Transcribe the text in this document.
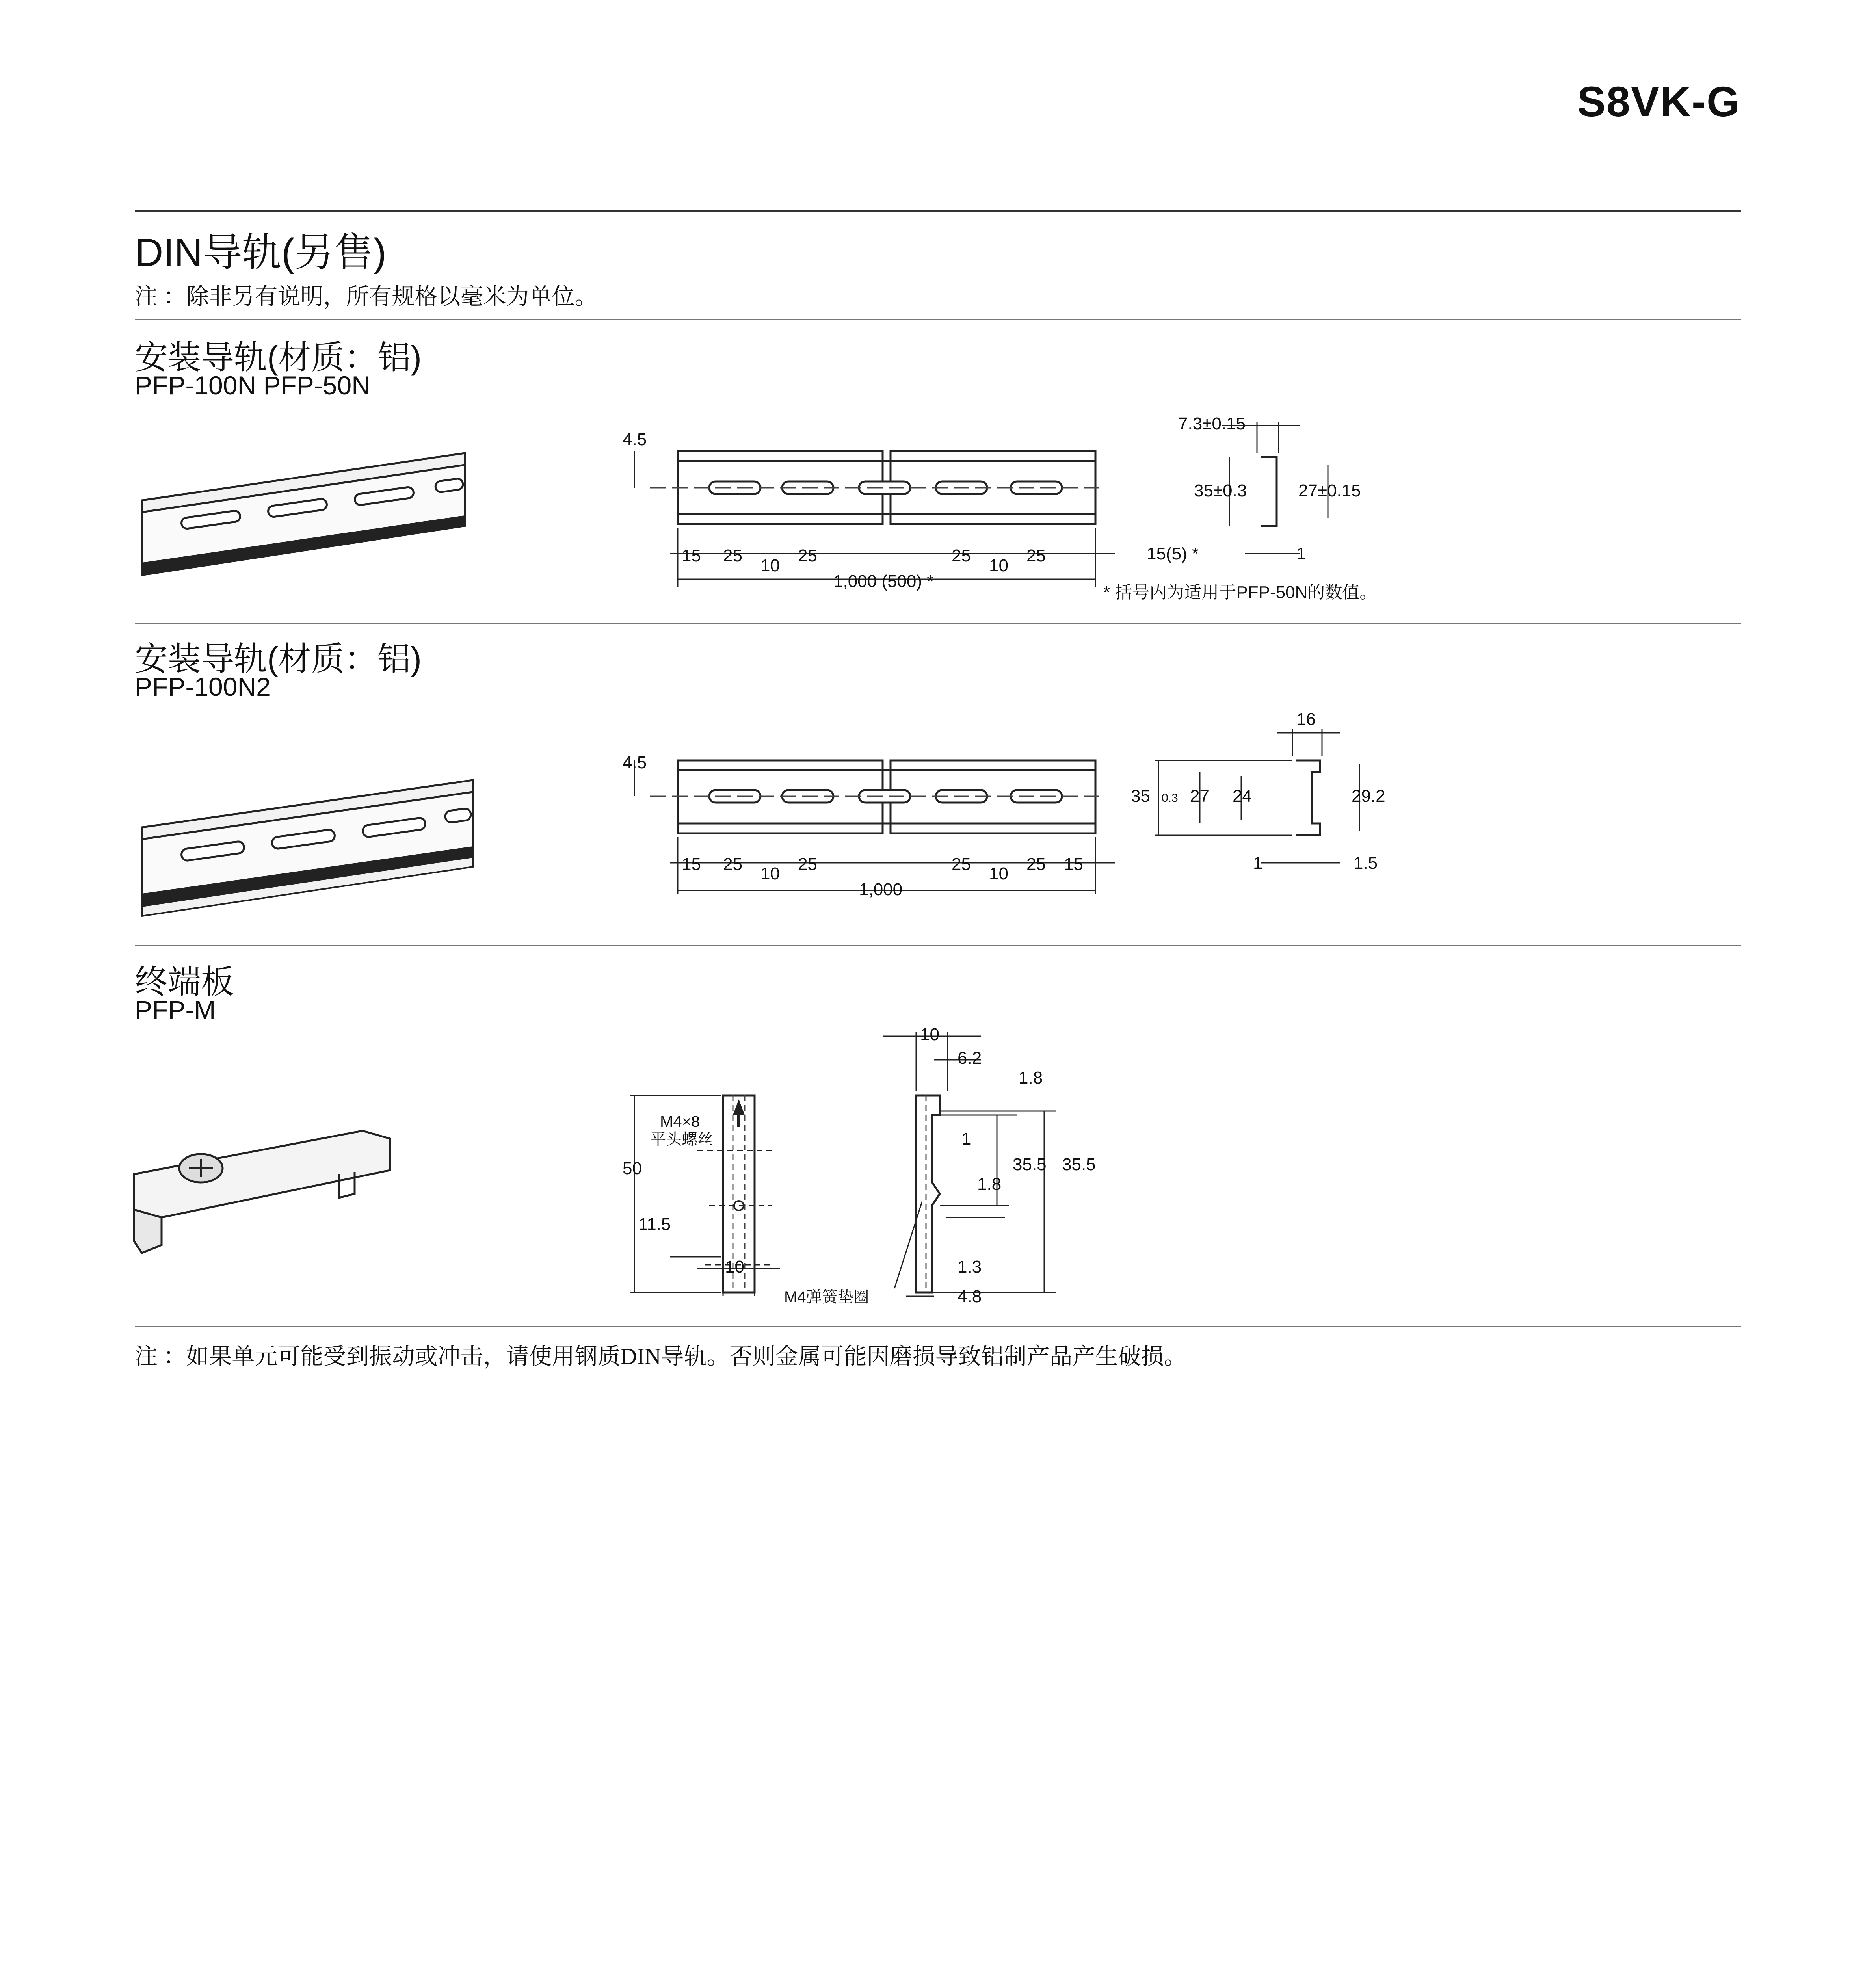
S8VK-G
DIN导轨(另售)
注 ：除非另有说明，所有规格以毫米为单位。
安装导轨(材质：铝)
PFP-100N PFP-50N
4.5
15 25
10
25	25
10
25
1,000 (500) *
7.3±0.15
35±0.3	27±0.15
15(5) *	1
* 括号内为适用于PFP-50N的数值。
安装导轨(材质：铝)
PFP-100N2
4.5
15 25 10 25	25 10 25 15
1,000
16
35 0.3 27 24	29.2
1	1.5
终端板
PFP-M
M4×8
平头螺丝
50
11.5
10
10
6.2
1.8
1
35.5 35.5
1.8
1.3
4.8
M4弹簧垫圈
注 ：如果单元可能受到振动或冲击，请使用钢质DIN导轨。否则金属可能因磨损导致铝制产品产生破损。
